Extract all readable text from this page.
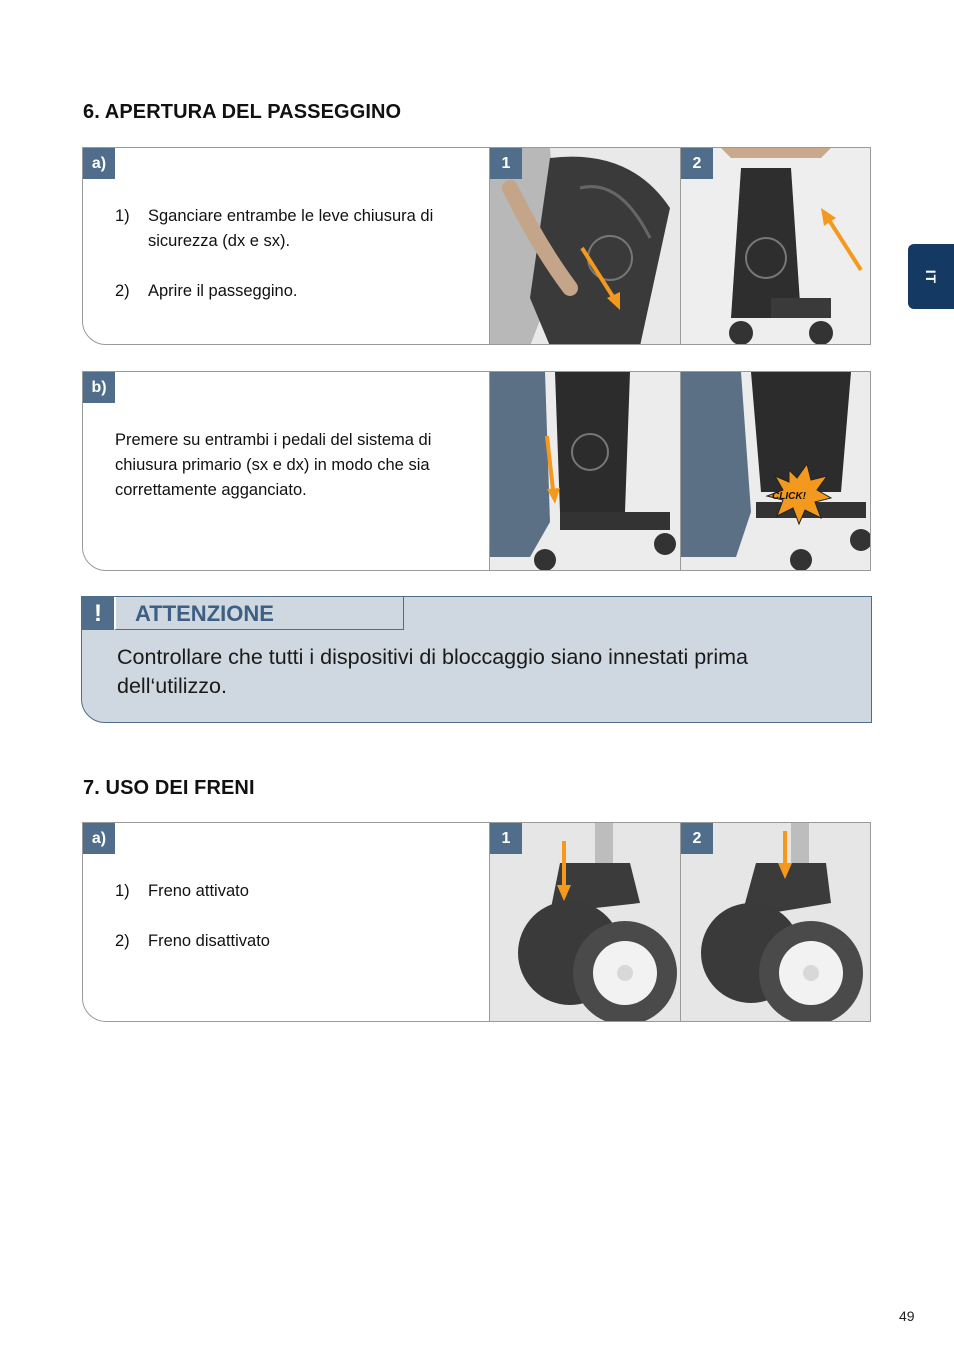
6. APERTURA DEL PASSEGGINO
a)
1)	Sganciare entrambe le leve chiusura di sicurezza (dx e sx).
2)	Aprire il passeggino.
1	2
b)
Premere su entrambi i pedali del sistema di chiusura primario (sx e dx) in modo che sia correttamente agganciato.	CLICK!
!	ATTENZIONE
Controllare che tutti i dispositivi di bloccaggio siano innestati prima dell‘utilizzo.
7. USO DEI FRENI
a)
1)	Freno attivato
2)	Freno disattivato
1	2
IT
49
